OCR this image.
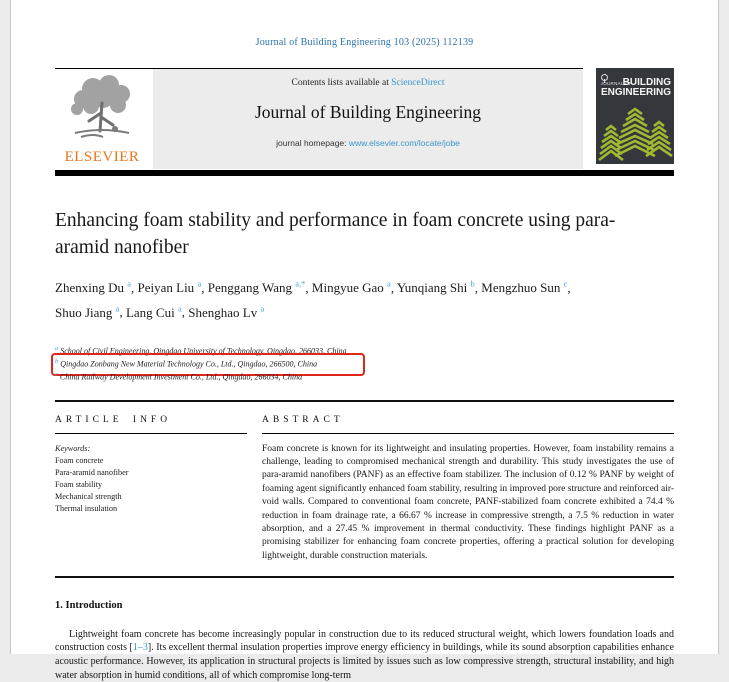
Journal of Building Engineering 103 (2025) 112139
ELSEVIER
Contents lists available at ScienceDirect
Journal of Building Engineering
journal homepage: www.elsevier.com/locate/jobe
JOURNAL OF
BUILDING
ENGINEERING
Enhancing foam stability and performance in foam concrete using para-aramid nanofiber
Zhenxing Du $^a$, Peiyan Liu $^a$, Penggang Wang $^{a,*}$, Mingyue Gao $^a$, Yunqiang Shi $^b$, Mengzhuo Sun $^c$, Shuo Jiang $^a$, Lang Cui $^a$, Shenghao Lv $^a$
$^a$ School of Civil Engineering, Qingdao University of Technology, Qingdao, 266033, China
$^b$ Qingdao Zonbang New Material Technology Co., Ltd., Qingdao, 266500, China
$^c$ China Railway Development Investment Co., Ltd., Qingdao, 266034, China
ARTICLE INFO
Keywords:
Foam concrete
Para-aramid nanofiber
Foam stability
Mechanical strength
Thermal insulation
ABSTRACT
Foam concrete is known for its lightweight and insulating properties. However, foam instability remains a challenge, leading to compromised mechanical strength and durability. This study investigates the use of para-aramid nanofibers (PANF) as an effective foam stabilizer. The inclusion of 0.12 % PANF by weight of foaming agent significantly enhanced foam stability, resulting in improved pore structure and reinforced air-void walls. Compared to conventional foam concrete, PANF-stabilized foam concrete exhibited a 74.4 % reduction in foam drainage rate, a 66.67 % increase in compressive strength, a 7.5 % reduction in water absorption, and a 27.45 % improvement in thermal conductivity. These findings highlight PANF as a promising stabilizer for enhancing foam concrete properties, offering a practical solution for developing lightweight, durable construction materials.
1. Introduction

Lightweight foam concrete has become increasingly popular in construction due to its reduced structural weight, which lowers foundation loads and construction costs [1–3]. Its excellent thermal insulation properties improve energy efficiency in buildings, while its sound absorption capabilities enhance acoustic performance. However, its application in structural projects is limited by issues such as low compressive strength, structural instability, and high water absorption in humid conditions, all of which compromise long-term
